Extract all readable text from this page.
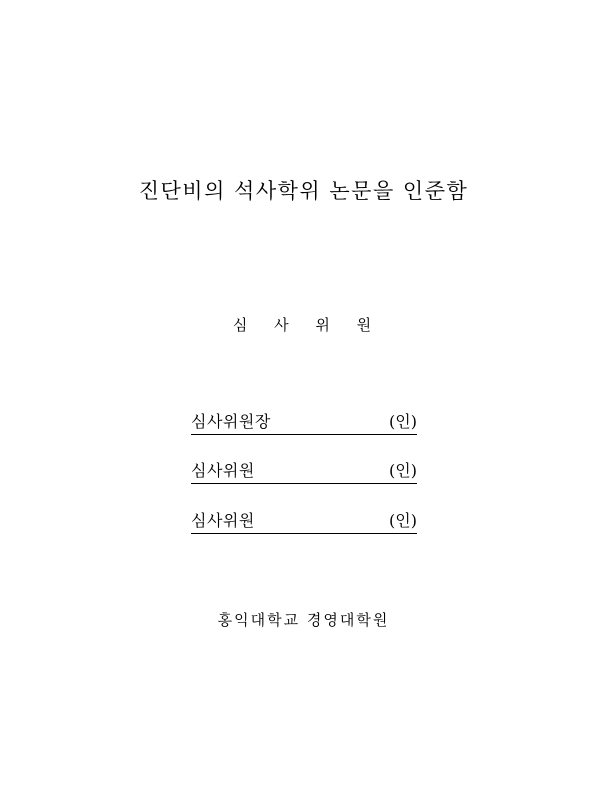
진단비의 석사학위 논문을 인준함
심 사 위 원
심사위원장	(인)
심사위원	(인)
심사위원	(인)
홍익대학교 경영대학원
